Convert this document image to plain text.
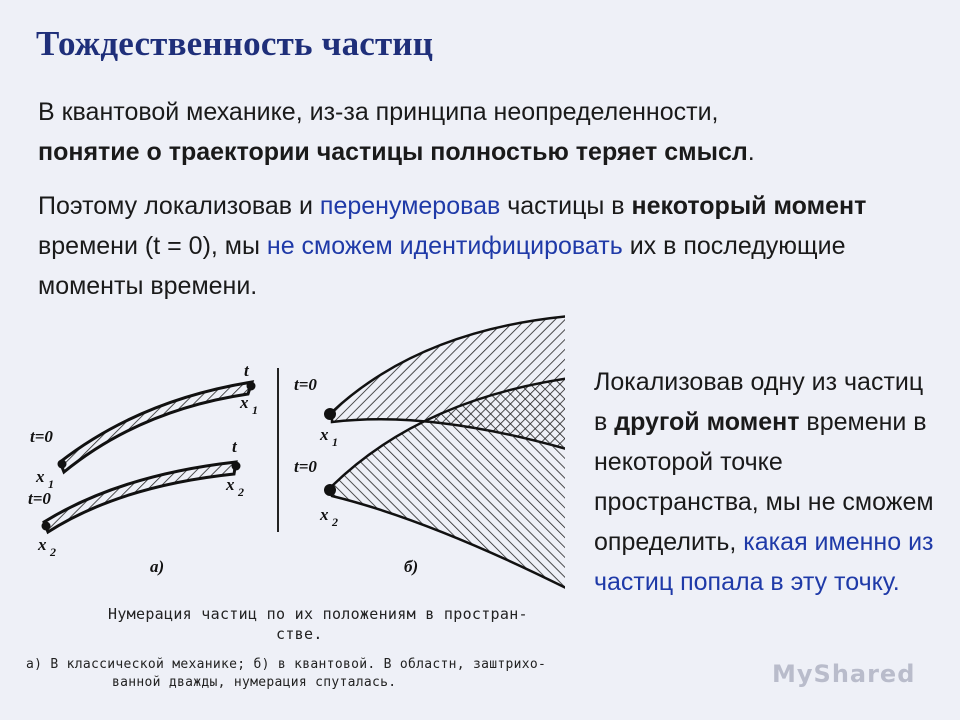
Тождественность частиц
В квантовой механике, из-за принципа неопределенности,
понятие о траектории частицы полностью теряет смысл.
Поэтому локализовав и перенумеровав частицы в некоторый момент времени (t = 0), мы не сможем идентифицировать их в последующие моменты времени.
Локализовав одну из частиц в другой момент времени в некоторой точке пространства, мы не сможем определить, какая именно из частиц попала в эту точку.
t=0
x 1
t=0
x 2
t
x 1
t
x 2
t=0
x 1
t=0
x 2
а)	б)
Нумерация частиц по их положениям в простран-
стве.
а) В классической механике; б) в квантовой. В областн, заштрихо-
ванной дважды, нумерация спуталась.	MyShared
